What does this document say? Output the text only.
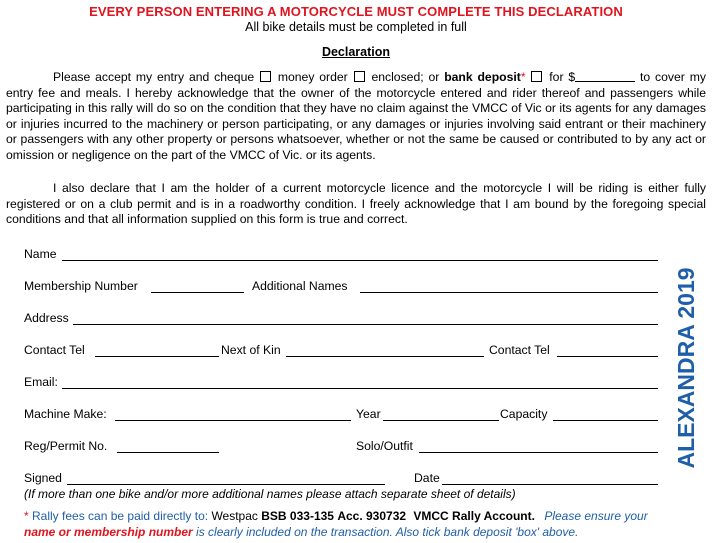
EVERY PERSON ENTERING A MOTORCYCLE MUST COMPLETE THIS DECLARATION
All bike details must be completed in full
Declaration
Please accept my entry and cheque money order enclosed; or bank deposit* for $	to cover my entry fee and meals. I hereby acknowledge that the owner of the motorcycle entered and rider thereof and passengers while participating in this rally will do so on the condition that they have no claim against the VMCC of Vic or its agents for any damages or injuries incurred to the machinery or person participating, or any damages or injuries involving said entrant or their machinery or passengers with any other property or persons whatsoever, whether or not the same be caused or contributed to by any act or omission or negligence on the part of the VMCC of Vic. or its agents.
I also declare that I am the holder of a current motorcycle licence and the motorcycle I will be riding is either fully registered or on a club permit and is in a roadworthy condition. I freely acknowledge that I am bound by the foregoing special conditions and that all information supplied on this form is true and correct.
Name
Membership Number	Additional Names
Address
Contact Tel	Next of Kin	Contact Tel
Email:
Machine Make:	Year	Capacity
Reg/Permit No.	Solo/Outfit
Signed	Date
ALEXANDRA 2019
(If more than one bike and/or more additional names please attach separate sheet of details)
* Rally fees can be paid directly to: Westpac BSB 033-135 Acc. 930732 VMCC Rally Account. Please ensure your
name or membership number is clearly included on the transaction. Also tick bank deposit 'box' above.
